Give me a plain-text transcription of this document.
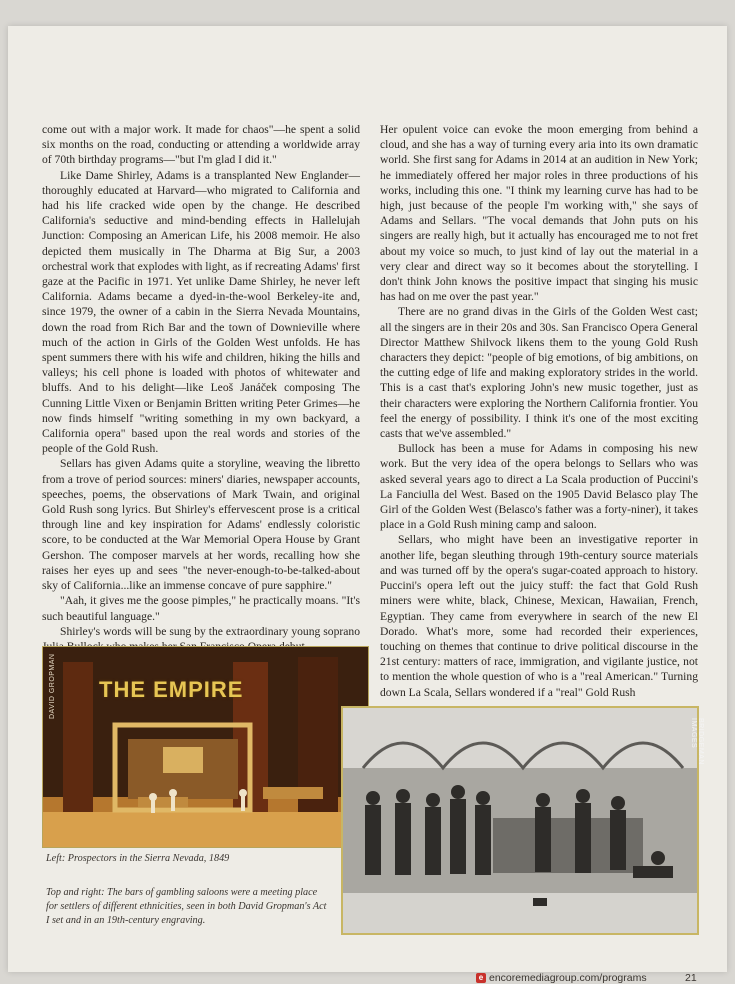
come out with a major work. It made for chaos"—he spent a solid six months on the road, conducting or attending a worldwide array of 70th birthday programs—"but I'm glad I did it."

Like Dame Shirley, Adams is a transplanted New Englander—thoroughly educated at Harvard—who migrated to California and had his life cracked wide open by the change. He described California's seductive and mind-bending effects in Hallelujah Junction: Composing an American Life, his 2008 memoir. He also depicted them musically in The Dharma at Big Sur, a 2003 orchestral work that explodes with light, as if recreating Adams' first gaze at the Pacific in 1971. Yet unlike Dame Shirley, he never left California. Adams became a dyed-in-the-wool Berkeley-ite and, since 1979, the owner of a cabin in the Sierra Nevada Mountains, down the road from Rich Bar and the town of Downieville where much of the action in Girls of the Golden West unfolds. He has spent summers there with his wife and children, hiking the hills and valleys; his cell phone is loaded with photos of whitewater and bluffs. And to his delight—like Leoš Janáček composing The Cunning Little Vixen or Benjamin Britten writing Peter Grimes—he now finds himself "writing something in my own backyard, a California opera" based upon the real words and stories of the people of the Gold Rush.

Sellars has given Adams quite a storyline, weaving the libretto from a trove of period sources: miners' diaries, newspaper accounts, speeches, poems, the observations of Mark Twain, and original Gold Rush song lyrics. But Shirley's effervescent prose is a critical through line and key inspiration for Adams' endlessly coloristic score, to be conducted at the War Memorial Opera House by Grant Gershon. The composer marvels at her words, recalling how she raises her eyes up and sees "the never-enough-to-be-talked-about sky of California...like an immense concave of pure sapphire."

"Aah, it gives me the goose pimples," he practically moans. "It's such beautiful language."

Shirley's words will be sung by the extraordinary young soprano

Her opulent voice can evoke the moon emerging from behind a cloud, and she has a way of turning every aria into its own dramatic world. She first sang for Adams in 2014 at an audition in New York; he immediately offered her major roles in three productions of his works, including this one. "I think my learning curve has had to be high, just because of the people I'm working with," she says of Adams and Sellars. "The vocal demands that John puts on his singers are really high, but it actually has encouraged me to not fret about my voice so much, to just kind of lay out the material in a very clear and direct way so it becomes about the storytelling. I don't think John knows the positive impact that singing his music has had on me over the past year."

There are no grand divas in the Girls of the Golden West cast; all the singers are in their 20s and 30s. San Francisco Opera General Director Matthew Shilvock likens them to the young Gold Rush characters they depict: "people of big emotions, of big ambitions, on the cutting edge of life and making exploratory strides in the world. This is a cast that's exploring John's new music together, just as their characters were exploring the Northern California frontier. You feel the energy of possibility. I think it's one of the most exciting casts that we've assembled."

Bullock has been a muse for Adams in composing his new work. But the very idea of the opera belongs to Sellars who was asked several years ago to direct a La Scala production of Puccini's La Fanciulla del West. Based on the 1905 David Belasco play The Girl of the Golden West (Belasco's father was a forty-niner), it takes place in a Gold Rush mining camp and saloon.

Sellars, who might have been an investigative reporter in another life, began sleuthing through 19th-century source materials and was turned off by the opera's sugar-coated approach to history. Puccini's opera left out the juicy stuff: the fact that Gold Rush miners were white, black, Chinese, Mexican, Hawaiian, French, Egyptian. They came from everywhere in search of the new El Dorado. What's more, some had recorded their experiences, touching on themes that continue to drive political discourse in the 21st century: matters of race, immigration, and vigilante justice, not to mention the whole question of who is a "real American." Turning down La Scala, Sellars wondered if a "real" Gold Rush

THE EMPIRE
DAVID GROPMAN
Left: Prospectors in the Sierra Nevada, 1849
Top and right: The bars of gambling saloons were a meeting place for settlers of different ethnicities, seen in both David Gropman's Act I set and in an 19th-century engraving.
BRIDGEMAN
e encoremediagroup.com/programs	21
